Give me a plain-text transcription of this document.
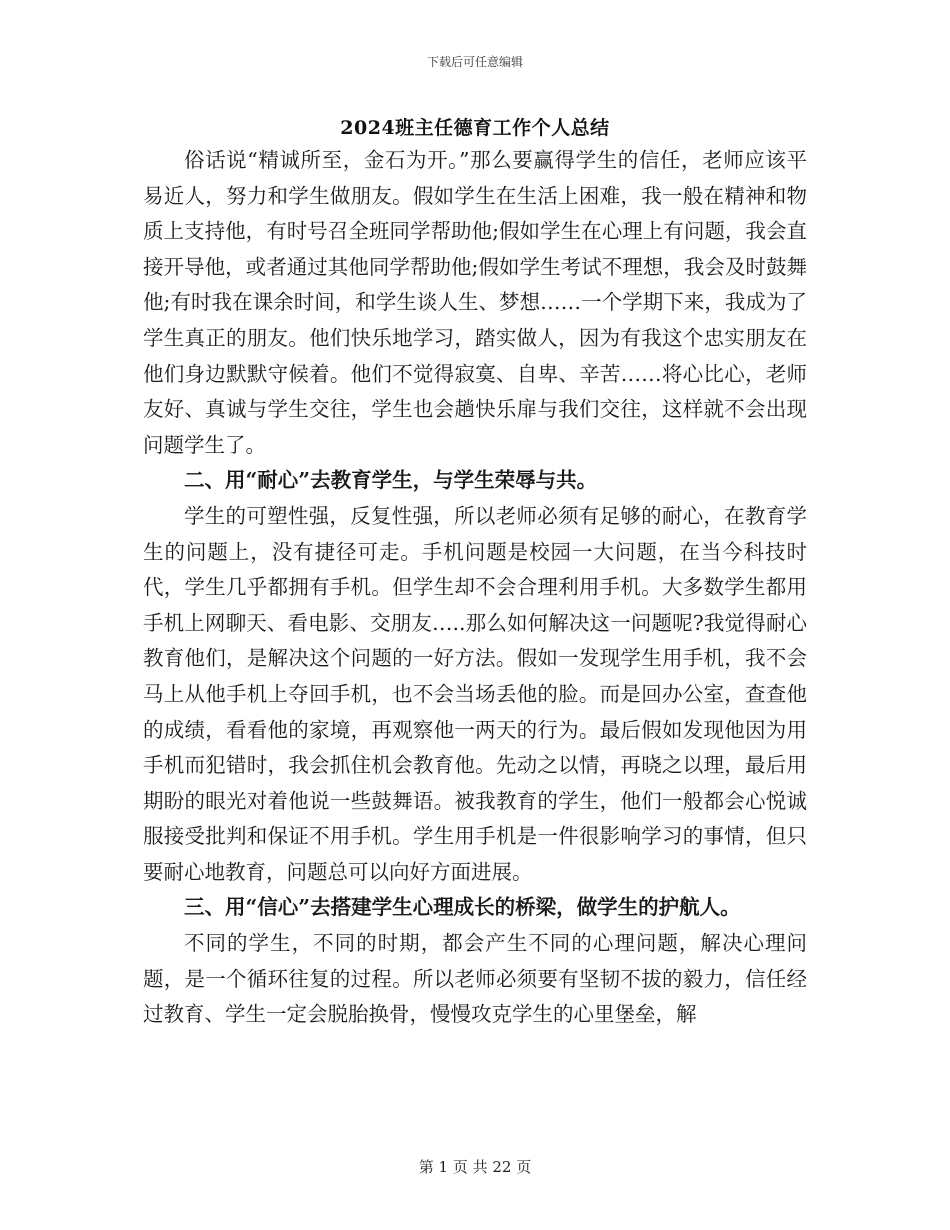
下载后可任意编辑
2024班主任德育工作个人总结

俗话说“精诚所至，金石为开。”那么要赢得学生的信任，老师应该平易近人，努力和学生做朋友。假如学生在生活上困难，我一般在精神和物质上支持他，有时号召全班同学帮助他;假如学生在心理上有问题，我会直接开导他，或者通过其他同学帮助他;假如学生考试不理想，我会及时鼓舞他;有时我在课余时间，和学生谈人生、梦想……一个学期下来，我成为了学生真正的朋友。他们快乐地学习，踏实做人，因为有我这个忠实朋友在他们身边默默守候着。他们不觉得寂寞、自卑、辛苦……将心比心，老师友好、真诚与学生交往，学生也会趟快乐扉与我们交往，这样就不会出现问题学生了。

二、用“耐心”去教育学生，与学生荣辱与共。

学生的可塑性强，反复性强，所以老师必须有足够的耐心，在教育学生的问题上，没有捷径可走。手机问题是校园一大问题，在当今科技时代，学生几乎都拥有手机。但学生却不会合理利用手机。大多数学生都用手机上网聊天、看电影、交朋友…..那么如何解决这一问题呢?我觉得耐心教育他们，是解决这个问题的一好方法。假如一发现学生用手机，我不会马上从他手机上夺回手机，也不会当场丢他的脸。而是回办公室，查查他的成绩，看看他的家境，再观察他一两天的行为。最后假如发现他因为用手机而犯错时，我会抓住机会教育他。先动之以情，再晓之以理，最后用期盼的眼光对着他说一些鼓舞语。被我教育的学生，他们一般都会心悦诚服接受批判和保证不用手机。学生用手机是一件很影响学习的事情，但只要耐心地教育，问题总可以向好方面进展。

三、用“信心”去搭建学生心理成长的桥梁，做学生的护航人。

不同的学生，不同的时期，都会产生不同的心理问题，解决心理问题，是一个循环往复的过程。所以老师必须要有坚韧不拔的毅力，信任经过教育、学生一定会脱胎换骨，慢慢攻克学生的心里堡垒，解

第 1 页 共 22 页
